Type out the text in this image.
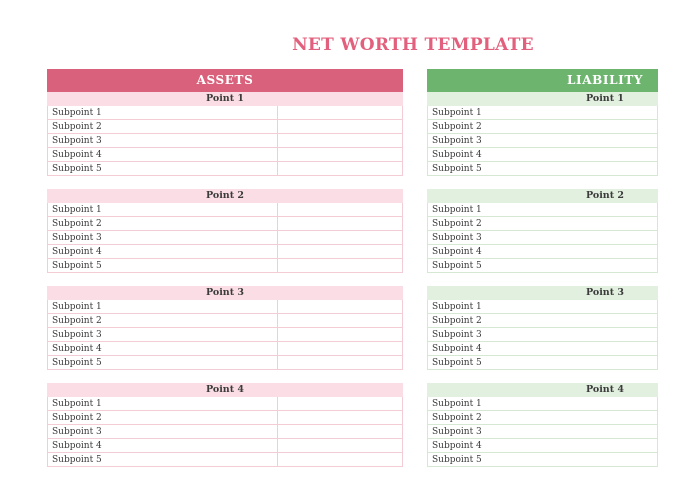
NET WORTH TEMPLATE
ASSETS
Point 1
Subpoint 1
Subpoint 2
Subpoint 3
Subpoint 4
Subpoint 5
Point 2
Subpoint 1
Subpoint 2
Subpoint 3
Subpoint 4
Subpoint 5
Point 3
Subpoint 1
Subpoint 2
Subpoint 3
Subpoint 4
Subpoint 5
Point 4
Subpoint 1
Subpoint 2
Subpoint 3
Subpoint 4
Subpoint 5
LIABILITY
Point 1
Subpoint 1
Subpoint 2
Subpoint 3
Subpoint 4
Subpoint 5
Point 2
Subpoint 1
Subpoint 2
Subpoint 3
Subpoint 4
Subpoint 5
Point 3
Subpoint 1
Subpoint 2
Subpoint 3
Subpoint 4
Subpoint 5
Point 4
Subpoint 1
Subpoint 2
Subpoint 3
Subpoint 4
Subpoint 5
